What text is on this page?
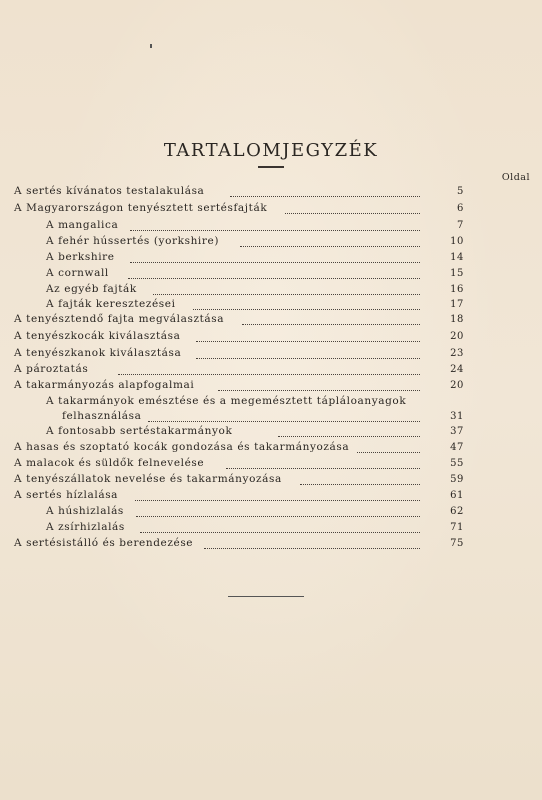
TARTALOMJEGYZÉK
Oldal
A sertés kívánatos testalakulása	5
A Magyarországon tenyésztett sertésfajták	6
A mangalica	7
A fehér hússertés (yorkshire)	10
A berkshire	14
A cornwall	15
Az egyéb fajták	16
A fajták keresztezései	17
A tenyésztendő fajta megválasztása	18
A tenyészkocák kiválasztása	20
A tenyészkanok kiválasztása	23
A pároztatás	24
A takarmányozás alapfogalmai	20
A takarmányok emésztése és a megemésztett tápláloanyagok
felhasználása	31
A fontosabb sertéstakarmányok	37
A hasas és szoptató kocák gondozása és takarmányozása	47
A malacok és süldők felnevelése	55
A tenyészállatok nevelése és takarmányozása	59
A sertés hízlalása	61
A húshizlalás	62
A zsírhizlalás	71
A sertésistálló és berendezése	75
